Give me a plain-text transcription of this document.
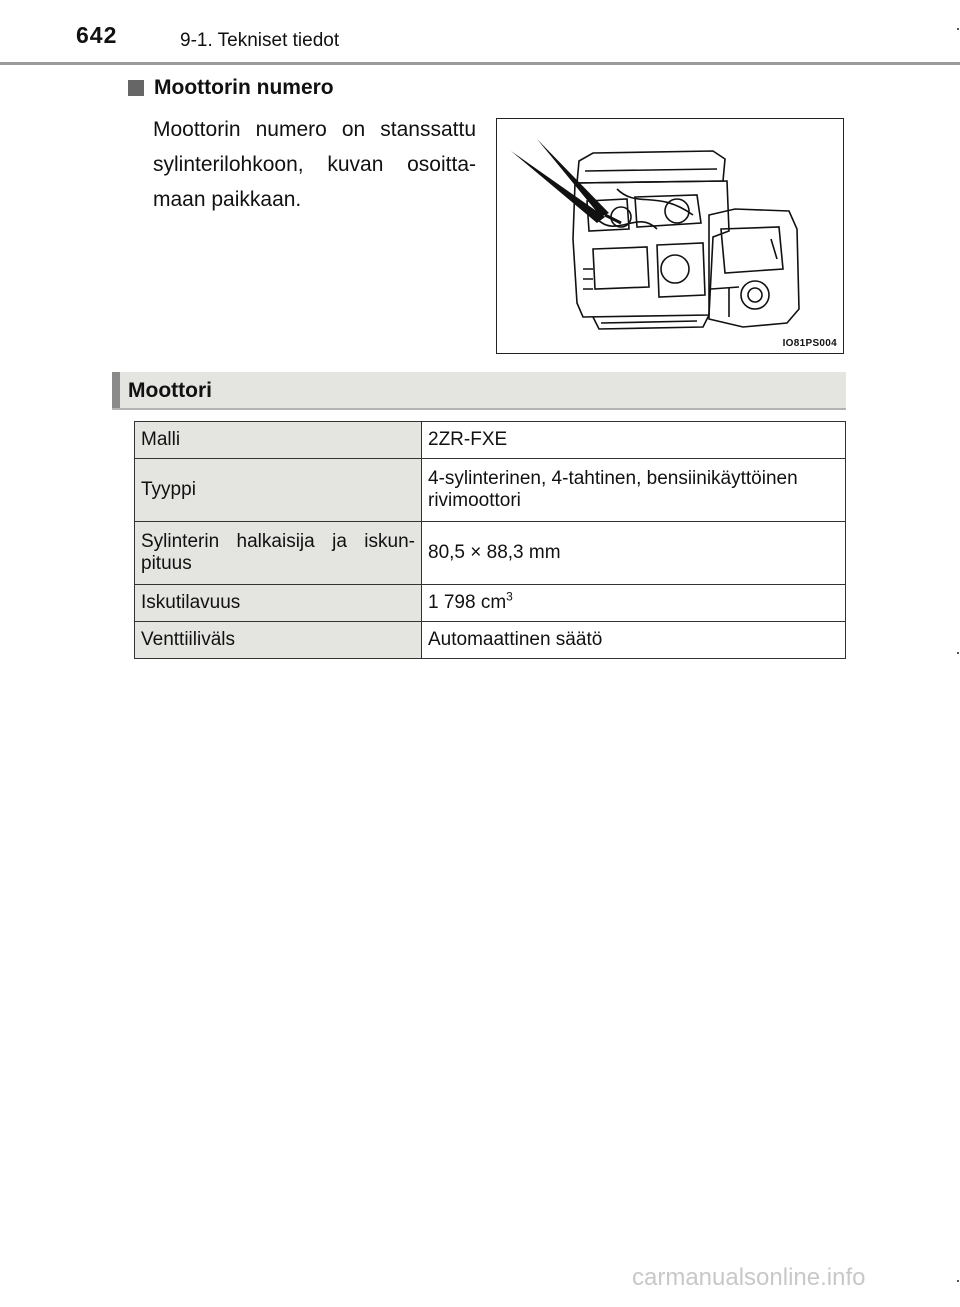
642	9-1. Tekniset tiedot
Moottorin numero
Moottorin numero on stanssattu sylinterilohkoon, kuvan osoitta-maan paikkaan.
IO81PS004
Moottori
Malli	2ZR-FXE
Tyyppi	4-sylinterinen, 4-tahtinen, bensiinikäyttöinen rivimoottori
Sylinterin halkaisija ja iskun-pituus	80,5 × 88,3 mm
Iskutilavuus	1 798 $cm^3$
Venttiiliväls	Automaattinen säätö
carmanualsonline.info
